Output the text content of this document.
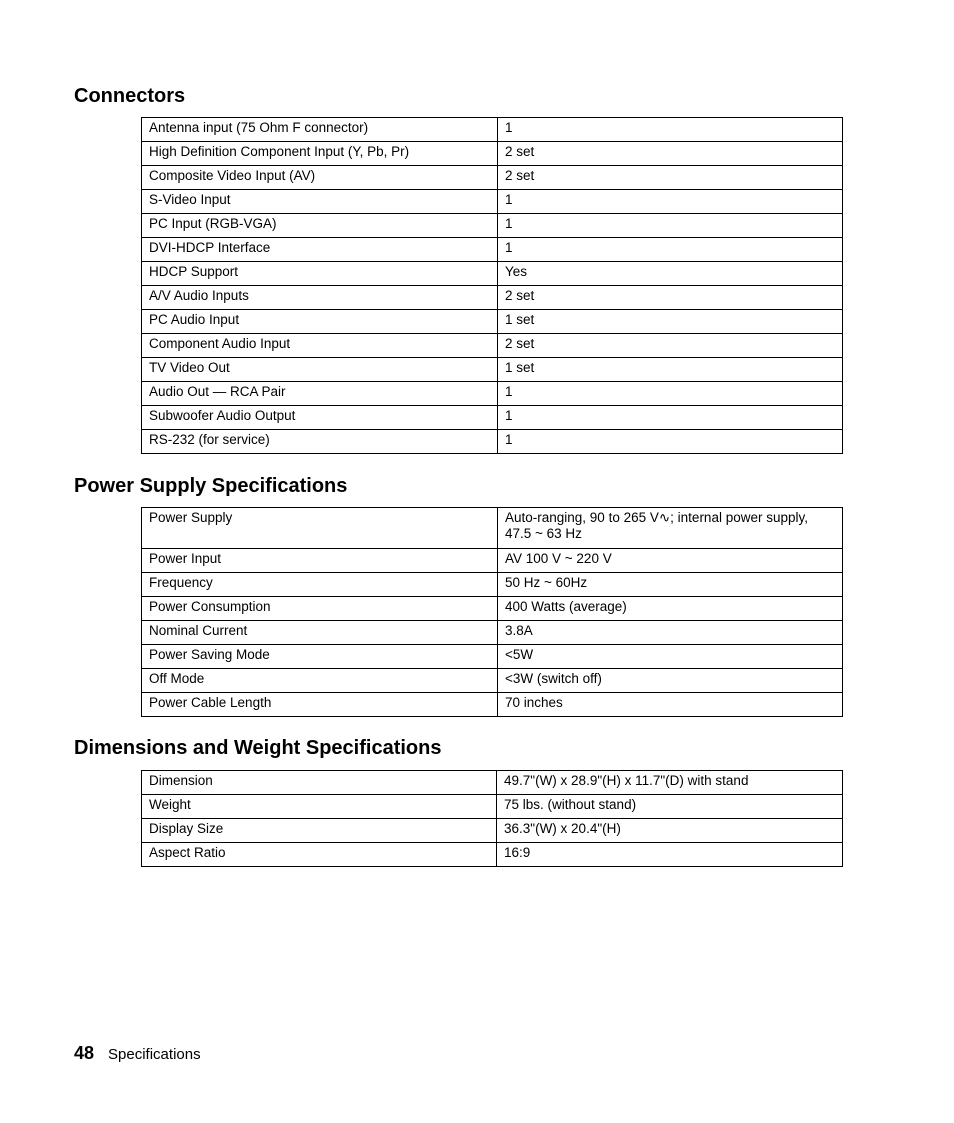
Connectors
Antenna input (75 Ohm F connector)	1
High Definition Component Input (Y, Pb, Pr)	2 set
Composite Video Input (AV)	2 set
S-Video Input	1
PC Input (RGB-VGA)	1
DVI-HDCP Interface	1
HDCP Support	Yes
A/V Audio Inputs	2 set
PC Audio Input	1 set
Component Audio Input	2 set
TV Video Out	1 set
Audio Out — RCA Pair	1
Subwoofer Audio Output	1
RS-232 (for service)	1
Power Supply Specifications
Power Supply	Auto-ranging, 90 to 265 V∿; internal power supply, 47.5 ~ 63 Hz
Power Input	AV 100 V ~ 220 V
Frequency	50 Hz ~ 60Hz
Power Consumption	400 Watts (average)
Nominal Current	3.8A
Power Saving Mode	<5W
Off Mode	<3W (switch off)
Power Cable Length	70 inches
Dimensions and Weight Specifications
Dimension	49.7"(W) x 28.9"(H) x 11.7"(D) with stand
Weight	75 lbs. (without stand)
Display Size	36.3"(W) x 20.4"(H)
Aspect Ratio	16:9
48 Specifications
